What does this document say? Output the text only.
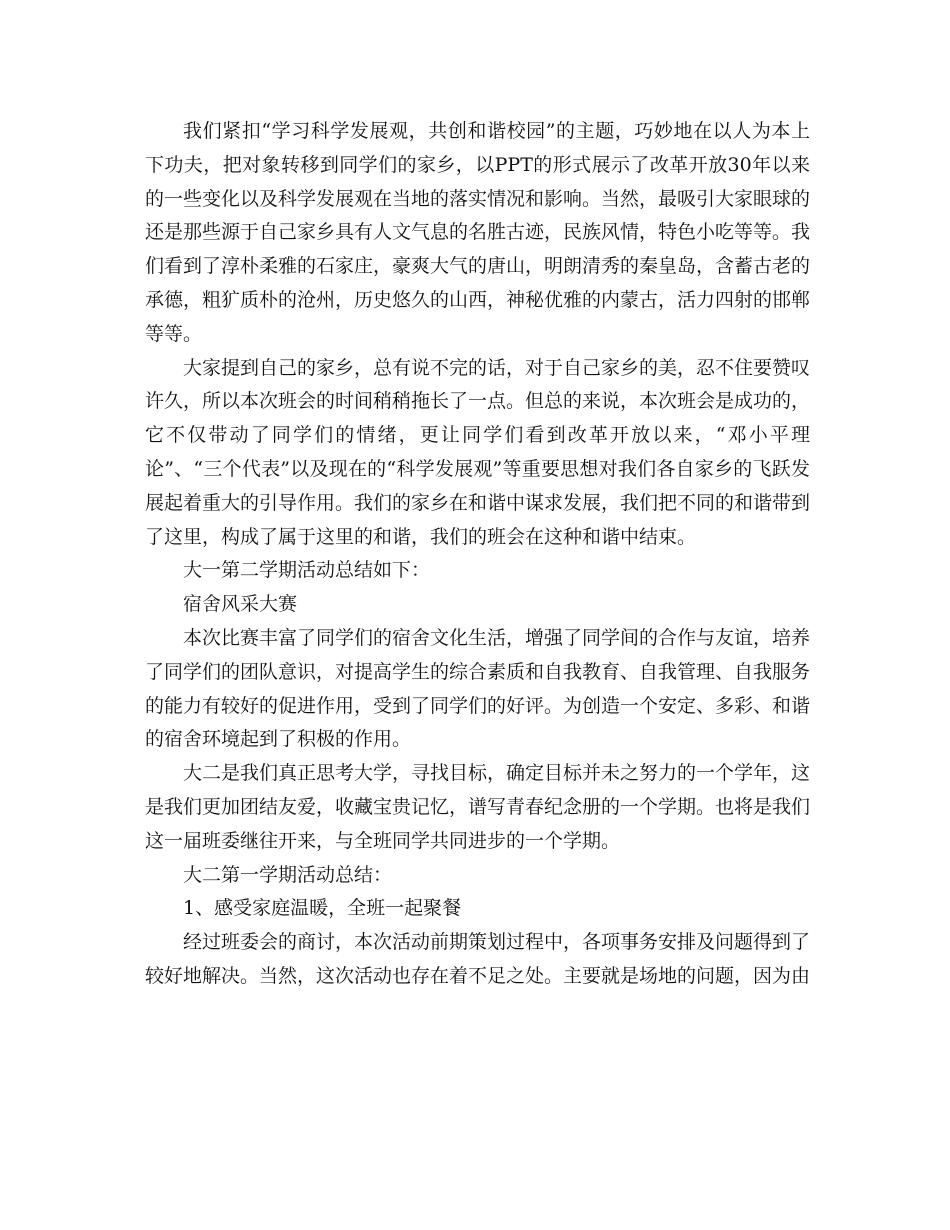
我们紧扣“学习科学发展观，共创和谐校园”的主题，巧妙地在以人为本上下功夫，把对象转移到同学们的家乡，以PPT的形式展示了改革开放30年以来的一些变化以及科学发展观在当地的落实情况和影响。当然，最吸引大家眼球的还是那些源于自己家乡具有人文气息的名胜古迹，民族风情，特色小吃等等。我们看到了淳朴柔雅的石家庄，豪爽大气的唐山，明朗清秀的秦皇岛，含蓄古老的承德，粗犷质朴的沧州，历史悠久的山西，神秘优雅的内蒙古，活力四射的邯郸等等。

大家提到自己的家乡，总有说不完的话，对于自己家乡的美，忍不住要赞叹许久，所以本次班会的时间稍稍拖长了一点。但总的来说，本次班会是成功的，它不仅带动了同学们的情绪，更让同学们看到改革开放以来，“邓小平理论”、“三个代表”以及现在的“科学发展观”等重要思想对我们各自家乡的飞跃发展起着重大的引导作用。我们的家乡在和谐中谋求发展，我们把不同的和谐带到了这里，构成了属于这里的和谐，我们的班会在这种和谐中结束。

大一第二学期活动总结如下：

宿舍风采大赛

本次比赛丰富了同学们的宿舍文化生活，增强了同学间的合作与友谊，培养了同学们的团队意识，对提高学生的综合素质和自我教育、自我管理、自我服务的能力有较好的促进作用，受到了同学们的好评。为创造一个安定、多彩、和谐的宿舍环境起到了积极的作用。

大二是我们真正思考大学，寻找目标，确定目标并未之努力的一个学年，这是我们更加团结友爱，收藏宝贵记忆，谱写青春纪念册的一个学期。也将是我们这一届班委继往开来，与全班同学共同进步的一个学期。

大二第一学期活动总结：

1、感受家庭温暖，全班一起聚餐

经过班委会的商讨，本次活动前期策划过程中，各项事务安排及问题得到了较好地解决。当然，这次活动也存在着不足之处。主要就是场地的问题，因为由
